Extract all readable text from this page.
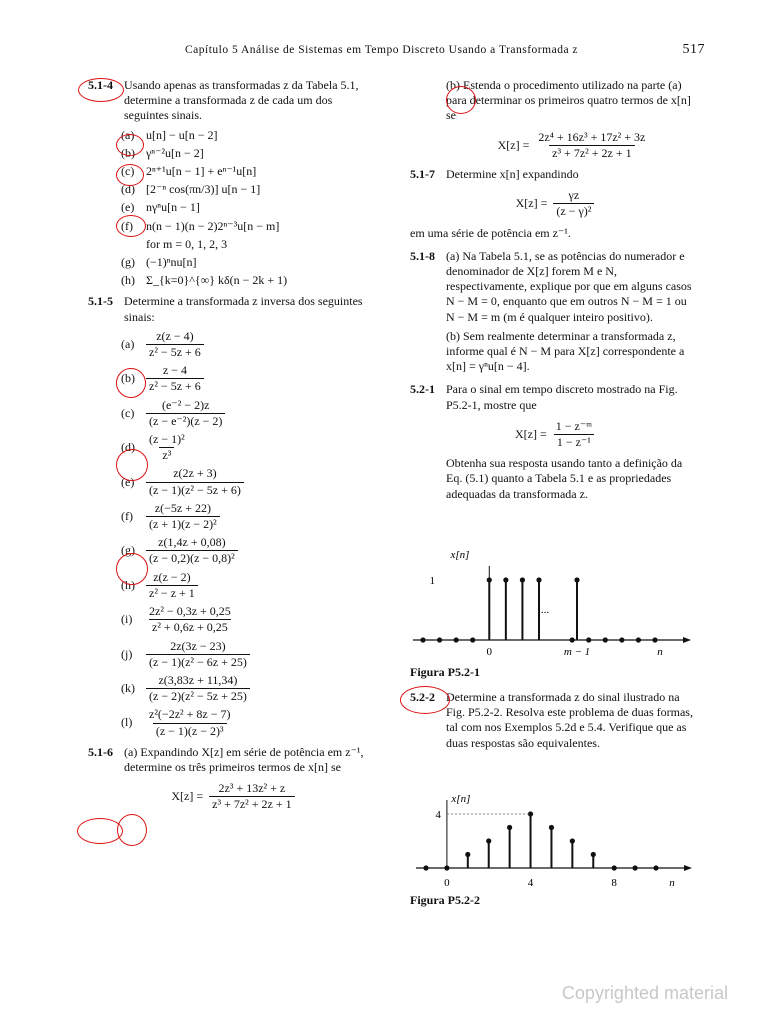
Capítulo 5 Análise de Sistemas em Tempo Discreto Usando a Transformada z	517
5.1-4 Usando apenas as transformadas z da Tabela 5.1, determine a transformada z de cada um dos seguintes sinais.
(a) u[n] − u[n − 2]
(b) γⁿ⁻²u[n − 2]
(c) 2ⁿ⁺¹u[n − 1] + eⁿ⁻¹u[n]
(d) [2⁻ⁿ cos(πn/3)] u[n − 1]
(e) nγⁿu[n − 1]
(f)	n(n − 1)(n − 2)2ⁿ⁻³u[n − m]
for m = 0, 1, 2, 3
(g) (−1)ⁿnu[n]
(h) Σ_{k=0}^{∞} kδ(n − 2k + 1)
5.1-5 Determine a transformada z inversa dos seguintes sinais:
$(a) \frac{z(z - 4)}{\text{z² − 5z + 6}}$
$(b) \frac{z - 4}{\text{z² − 5z + 6}}$
$(c) \frac{\text{(e⁻² − 2)z}}{\text{(z − e⁻²)(z − 2)}}$
$(d) \frac{\text{(z − 1)²}}{\text{z³}}$
$(e) \frac{z(2z + 3)}{\text{(z − 1)(z² − 5z + 6)}}$
(f)	$\frac{z(-5z + 22)}{\text{(z + 1)(z − 2)²}}$
$(g) \frac{z(1,4z + 0,08)}{\text{(z − 0,2)(z − 0,8)²}}$
$(h) \frac{z(z - 2)}{\text{z² − z + 1}}$
(i)	$\frac{\text{2z² − 0,3z + 0,25}}{\text{z² + 0,6z + 0,25}}$
(j)	$\frac{2z(3z - 23)}{\text{(z − 1)(z² − 6z + 25)}}$
$(k) \frac{z(3,83z + 11,34)}{\text{(z − 2)(z² − 5z + 25)}}$
(l)	$\frac{\text{z²(−2z² + 8z − 7)}}{\text{(z − 1)(z − 2)³}}$
5.1-6 (a) Expandindo X[z] em série de potência em z⁻¹, determine os três primeiros termos de x[n] se
$X[z] = \frac{\text{2z³ + 13z² + z}}{\text{z³ + 7z² + 2z + 1}}$
(b) Estenda o procedimento utilizado na parte (a) para determinar os primeiros quatro termos de x[n] se
$X[z] = \frac{\text{2z⁴ + 16z³ + 17z² + 3z}}{\text{z³ + 7z² + 2z + 1}}$
5.1-7 Determine x[n] expandindo
$X[z] = \frac{\gamma z}{\text{(z − γ)²}}$
em uma série de potência em z⁻¹.
5.1-8 (a) Na Tabela 5.1, se as potências do numerador e denominador de X[z] forem M e N, respectivamente, explique por que em alguns casos N − M = 0, enquanto que em outros N − M = 1 ou N − M = m (m é qualquer inteiro positivo).
(b) Sem realmente determinar a transformada z, informe qual é N − M para X[z] correspondente a x[n] = γⁿu[n − 4].
5.2-1 Para o sinal em tempo discreto mostrado na Fig. P5.2-1, mostre que
$X[z] = \frac{\text{1 − z⁻ᵐ}}{\text{1 − z⁻¹}}$
Obtenha sua resposta usando tanto a definição da Eq. (5.1) quanto a Tabela 5.1 e as propriedades adequadas da transformada z.
...
x[n]
1
0	m − 1	n
Figura P5.2-1
5.2-2 Determine a transformada z do sinal ilustrado na Fig. P5.2-2. Resolva este problema de duas formas, tal com nos Exemplos 5.2d e 5.4. Verifique que as duas respostas são equivalentes.
x[n]
4
0	4	8	n
Figura P5.2-2
Copyrighted material
